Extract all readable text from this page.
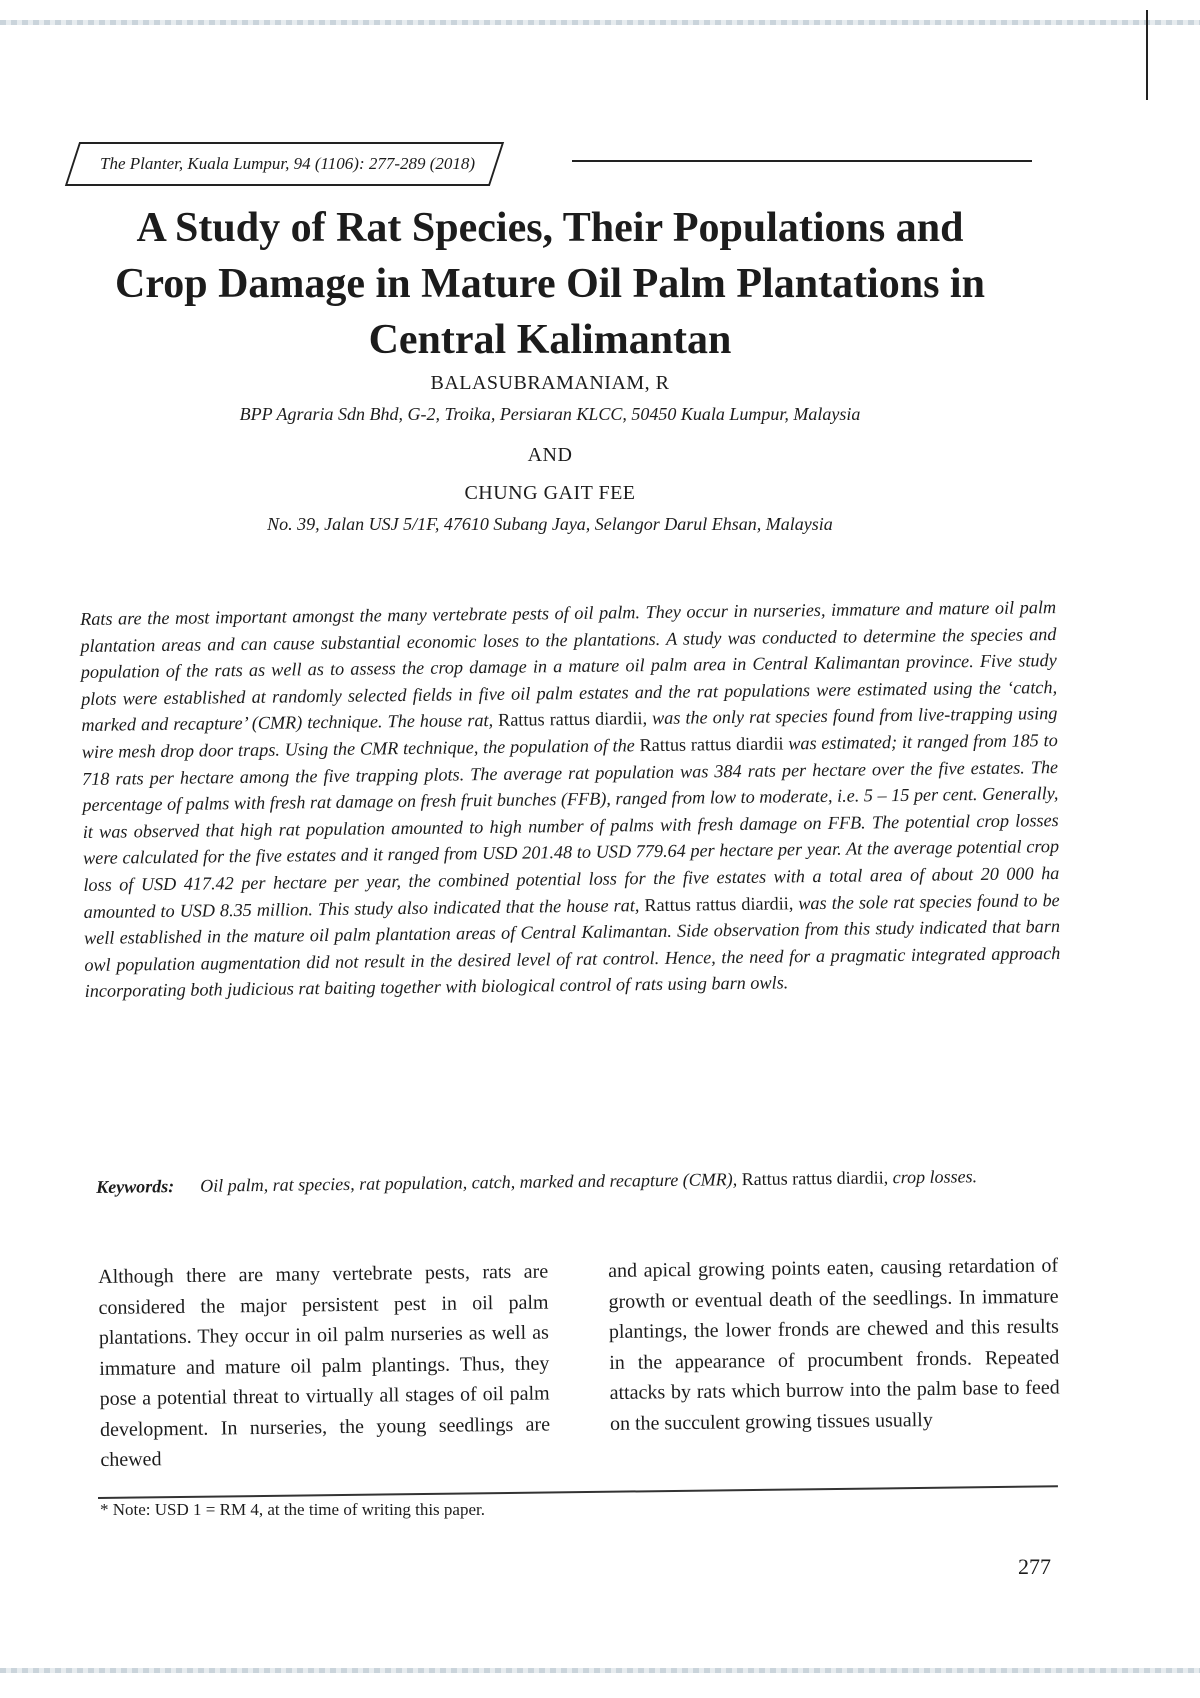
The Planter, Kuala Lumpur, 94 (1106): 277-289 (2018)
A Study of Rat Species, Their Populations and
Crop Damage in Mature Oil Palm Plantations in
Central Kalimantan
BALASUBRAMANIAM, R
BPP Agraria Sdn Bhd, G-2, Troika, Persiaran KLCC, 50450 Kuala Lumpur, Malaysia
AND
CHUNG GAIT FEE
No. 39, Jalan USJ 5/1F, 47610 Subang Jaya, Selangor Darul Ehsan, Malaysia
Rats are the most important amongst the many vertebrate pests of oil palm. They occur in nurseries, immature and mature oil palm plantation areas and can cause substantial economic loses to the plantations. A study was conducted to determine the species and population of the rats as well as to assess the crop damage in a mature oil palm area in Central Kalimantan province. Five study plots were established at randomly selected fields in five oil palm estates and the rat populations were estimated using the ‘catch, marked and recapture’ (CMR) technique. The house rat, Rattus rattus diardii, was the only rat species found from live-trapping using wire mesh drop door traps. Using the CMR technique, the population of the Rattus rattus diardii was estimated; it ranged from 185 to 718 rats per hectare among the five trapping plots. The average rat population was 384 rats per hectare over the five estates. The percentage of palms with fresh rat damage on fresh fruit bunches (FFB), ranged from low to moderate, i.e. 5 – 15 per cent. Generally, it was observed that high rat population amounted to high number of palms with fresh damage on FFB. The potential crop losses were calculated for the five estates and it ranged from USD 201.48 to USD 779.64 per hectare per year. At the average potential crop loss of USD 417.42 per hectare per year, the combined potential loss for the five estates with a total area of about 20 000 ha amounted to USD 8.35 million. This study also indicated that the house rat, Rattus rattus diardii, was the sole rat species found to be well established in the mature oil palm plantation areas of Central Kalimantan. Side observation from this study indicated that barn owl population augmentation did not result in the desired level of rat control. Hence, the need for a pragmatic integrated approach incorporating both judicious rat baiting together with biological control of rats using barn owls.
Keywords:	Oil palm, rat species, rat population, catch, marked and recapture (CMR), Rattus rattus diardii, crop losses.
Although there are many vertebrate pests, rats are considered the major persistent pest in oil palm plantations. They occur in oil palm nurseries as well as immature and mature oil palm plantings. Thus, they pose a potential threat to virtually all stages of oil palm development. In nurseries, the young seedlings are chewed
and apical growing points eaten, causing retardation of growth or eventual death of the seedlings. In immature plantings, the lower fronds are chewed and this results in the appearance of procumbent fronds. Repeated attacks by rats which burrow into the palm base to feed on the succulent growing tissues usually
* Note: USD 1 = RM 4, at the time of writing this paper.
277
